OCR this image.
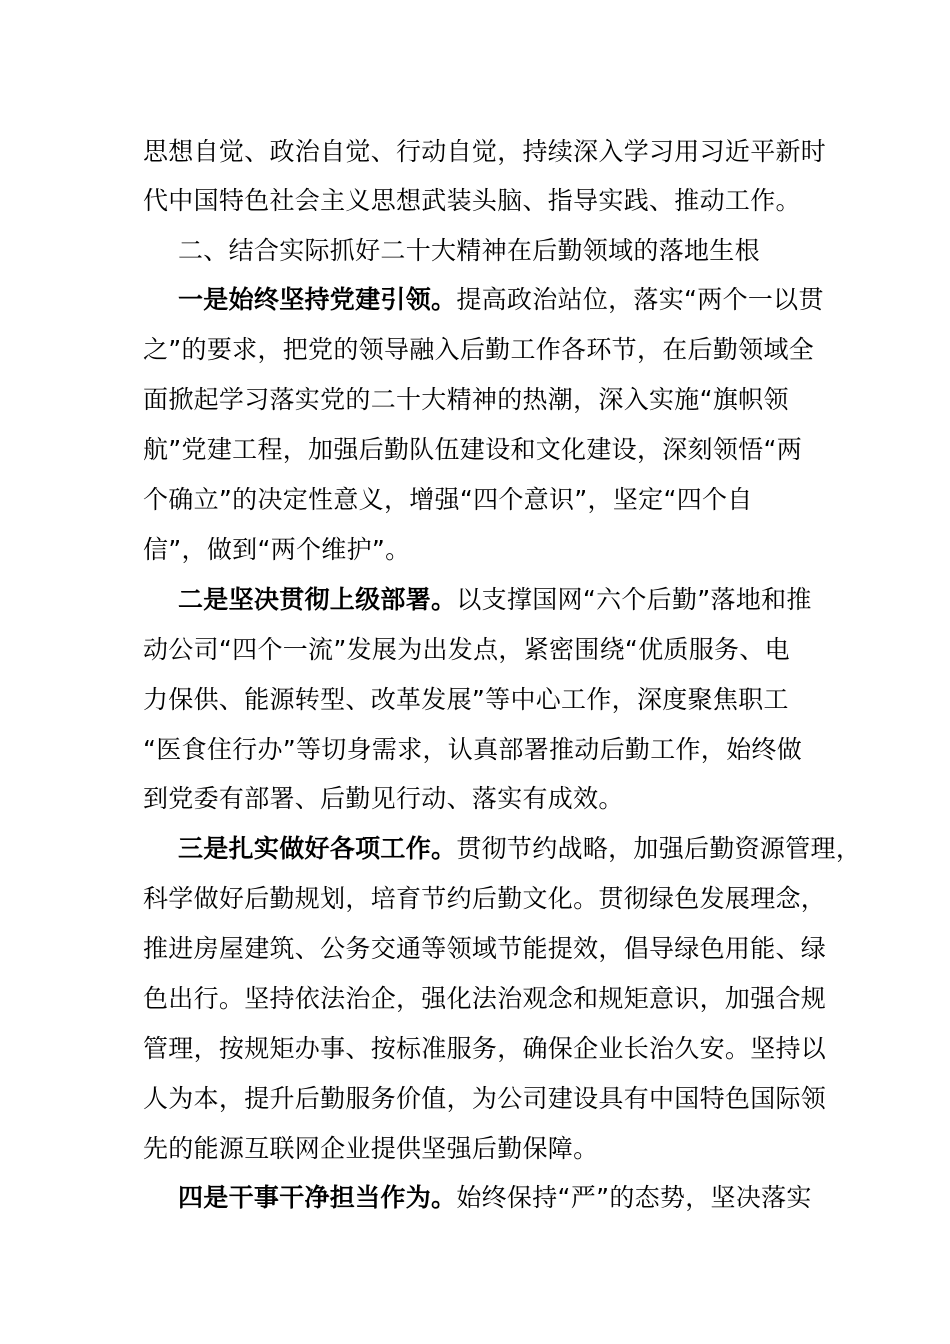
思想自觉、政治自觉、行动自觉，持续深入学习用习近平新时
代中国特色社会主义思想武装头脑、指导实践、推动工作。
二、结合实际抓好二十大精神在后勤领域的落地生根
一是始终坚持党建引领。提高政治站位，落实“两个一以贯
之”的要求，把党的领导融入后勤工作各环节，在后勤领域全
面掀起学习落实党的二十大精神的热潮，深入实施“旗帜领
航”党建工程，加强后勤队伍建设和文化建设，深刻领悟“两
个确立”的决定性意义，增强“四个意识”，坚定“四个自
信”，做到“两个维护”。
二是坚决贯彻上级部署。以支撑国网“六个后勤”落地和推
动公司“四个一流”发展为出发点，紧密围绕“优质服务、电
力保供、能源转型、改革发展”等中心工作，深度聚焦职工
“医食住行办”等切身需求，认真部署推动后勤工作，始终做
到党委有部署、后勤见行动、落实有成效。
三是扎实做好各项工作。贯彻节约战略，加强后勤资源管理，
科学做好后勤规划，培育节约后勤文化。贯彻绿色发展理念，
推进房屋建筑、公务交通等领域节能提效，倡导绿色用能、绿
色出行。坚持依法治企，强化法治观念和规矩意识，加强合规
管理，按规矩办事、按标准服务，确保企业长治久安。坚持以
人为本，提升后勤服务价值，为公司建设具有中国特色国际领
先的能源互联网企业提供坚强后勤保障。
四是干事干净担当作为。始终保持“严”的态势，坚决落实
